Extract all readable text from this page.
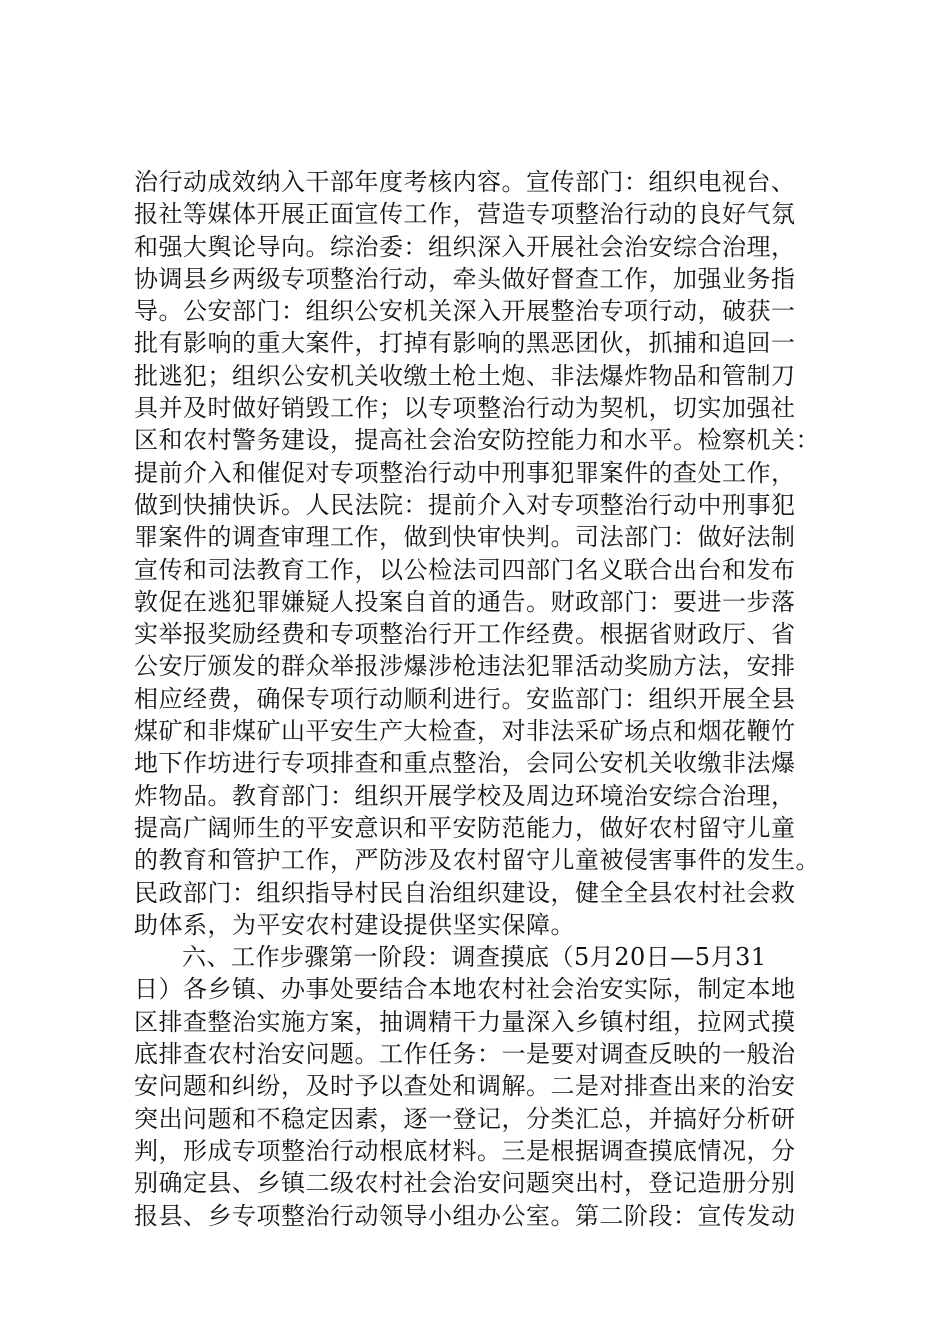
治行动成效纳入干部年度考核内容。宣传部门：组织电视台、
报社等媒体开展正面宣传工作，营造专项整治行动的良好气氛
和强大舆论导向。综治委：组织深入开展社会治安综合治理，
协调县乡两级专项整治行动，牵头做好督查工作，加强业务指
导。公安部门：组织公安机关深入开展整治专项行动，破获一
批有影响的重大案件，打掉有影响的黑恶团伙，抓捕和追回一
批逃犯；组织公安机关收缴土枪土炮、非法爆炸物品和管制刀
具并及时做好销毁工作；以专项整治行动为契机，切实加强社
区和农村警务建设，提高社会治安防控能力和水平。检察机关：
提前介入和催促对专项整治行动中刑事犯罪案件的查处工作，
做到快捕快诉。人民法院：提前介入对专项整治行动中刑事犯
罪案件的调查审理工作，做到快审快判。司法部门：做好法制
宣传和司法教育工作，以公检法司四部门名义联合出台和发布
敦促在逃犯罪嫌疑人投案自首的通告。财政部门：要进一步落
实举报奖励经费和专项整治行开工作经费。根据省财政厅、省
公安厅颁发的群众举报涉爆涉枪违法犯罪活动奖励方法，安排
相应经费，确保专项行动顺利进行。安监部门：组织开展全县
煤矿和非煤矿山平安生产大检查，对非法采矿场点和烟花鞭竹
地下作坊进行专项排查和重点整治，会同公安机关收缴非法爆
炸物品。教育部门：组织开展学校及周边环境治安综合治理，
提高广阔师生的平安意识和平安防范能力，做好农村留守儿童
的教育和管护工作，严防涉及农村留守儿童被侵害事件的发生。
民政部门：组织指导村民自治组织建设，健全全县农村社会救
助体系，为平安农村建设提供坚实保障。
六、工作步骤第一阶段：调查摸底（5月20日—5月31
日）各乡镇、办事处要结合本地农村社会治安实际，制定本地
区排查整治实施方案，抽调精干力量深入乡镇村组，拉网式摸
底排查农村治安问题。工作任务：一是要对调查反映的一般治
安问题和纠纷，及时予以查处和调解。二是对排查出来的治安
突出问题和不稳定因素，逐一登记，分类汇总，并搞好分析研
判，形成专项整治行动根底材料。三是根据调查摸底情况，分
别确定县、乡镇二级农村社会治安问题突出村，登记造册分别
报县、乡专项整治行动领导小组办公室。第二阶段：宣传发动
